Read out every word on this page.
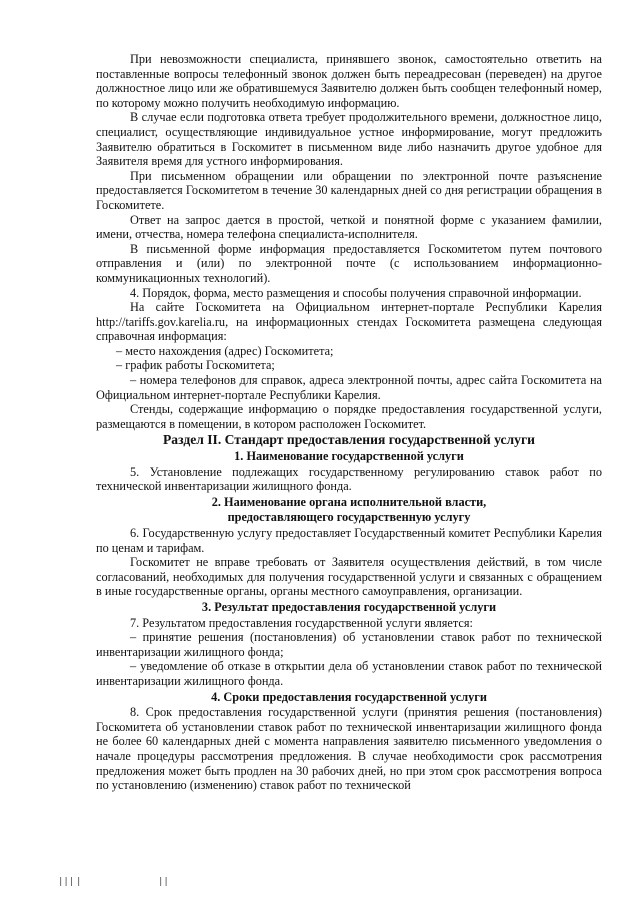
При невозможности специалиста, принявшего звонок, самостоятельно ответить на поставленные вопросы телефонный звонок должен быть переадресован (переведен) на другое должностное лицо или же обратившемуся Заявителю должен быть сообщен телефонный номер, по которому можно получить необходимую информацию.

В случае если подготовка ответа требует продолжительного времени, должностное лицо, специалист, осуществляющие индивидуальное устное информирование, могут предложить Заявителю обратиться в Госкомитет в письменном виде либо назначить другое удобное для Заявителя время для устного информирования.

При письменном обращении или обращении по электронной почте разъяснение предоставляется Госкомитетом в течение 30 календарных дней со дня регистрации обращения в Госкомитете.

Ответ на запрос дается в простой, четкой и понятной форме с указанием фамилии, имени, отчества, номера телефона специалиста-исполнителя.

В письменной форме информация предоставляется Госкомитетом путем почтового отправления и (или) по электронной почте (с использованием информационно-коммуникационных технологий).

4. Порядок, форма, место размещения и способы получения справочной информации.

На сайте Госкомитета на Официальном интернет-портале Республики Карелия http://tariffs.gov.karelia.ru, на информационных стендах Госкомитета размещена следующая справочная информация:

– место нахождения (адрес) Госкомитета;

– график работы Госкомитета;

– номера телефонов для справок, адреса электронной почты, адрес сайта Госкомитета на Официальном интернет-портале Республики Карелия.

Стенды, содержащие информацию о порядке предоставления государственной услуги, размещаются в помещении, в котором расположен Госкомитет.

Раздел II. Стандарт предоставления государственной услуги
1. Наименование государственной услуги

5. Установление подлежащих государственному регулированию ставок работ по технической инвентаризации жилищного фонда.

2. Наименование органа исполнительной власти,
предоставляющего государственную услугу

6. Государственную услугу предоставляет Государственный комитет Республики Карелия по ценам и тарифам.

Госкомитет не вправе требовать от Заявителя осуществления действий, в том числе согласований, необходимых для получения государственной услуги и связанных с обращением в иные государственные органы, органы местного самоуправления, организации.

3. Результат предоставления государственной услуги

7. Результатом предоставления государственной услуги является:

– принятие решения (постановления) об установлении ставок работ по технической инвентаризации жилищного фонда;

– уведомление об отказе в открытии дела об установлении ставок работ по технической инвентаризации жилищного фонда.

4. Сроки предоставления государственной услуги

8. Срок предоставления государственной услуги (принятия решения (постановления) Госкомитета об установлении ставок работ по технической инвентаризации жилищного фонда не более 60 календарных дней с момента направления заявителю письменного уведомления о начале процедуры рассмотрения предложения. В случае необходимости срок рассмотрения предложения может быть продлен на 30 рабочих дней, но при этом срок рассмотрения вопроса по установлению (изменению) ставок работ по технической

||| |	||
